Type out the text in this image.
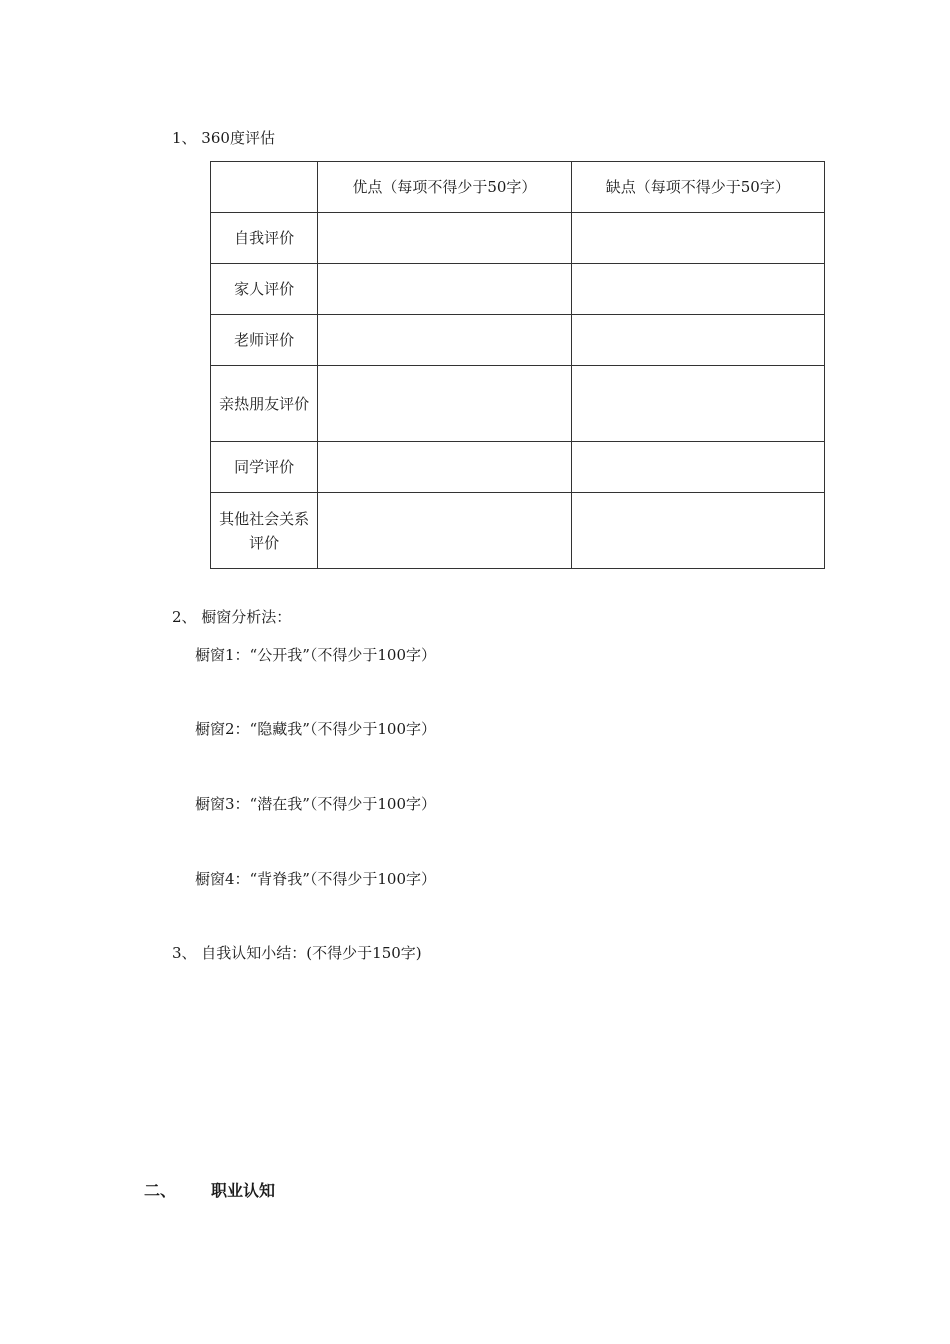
1、 360度评估
	优点（每项不得少于50字）	缺点（每项不得少于50字）
自我评价		
家人评价		
老师评价		
亲热朋友评价		
同学评价		
其他社会关系评价		
2、 橱窗分析法：
橱窗1：“公开我”（不得少于100字）
橱窗2：“隐藏我”（不得少于100字）
橱窗3：“潜在我”（不得少于100字）
橱窗4：“背脊我”（不得少于100字）
3、 自我认知小结：(不得少于150字)
二、 职业认知
